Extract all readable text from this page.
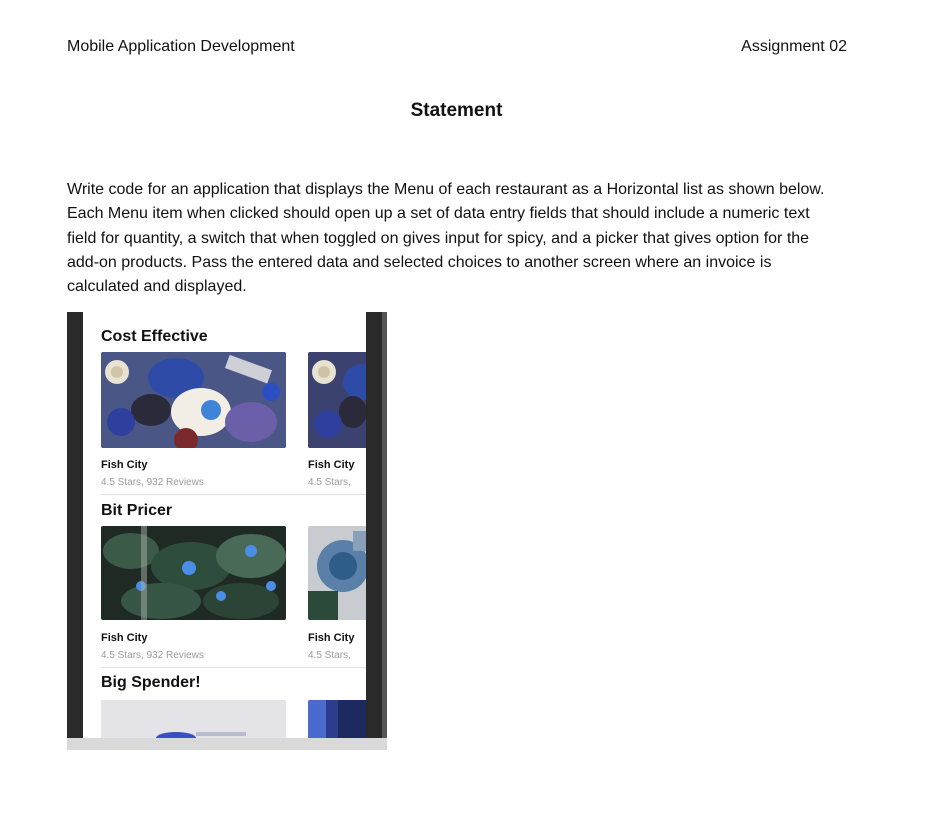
Mobile Application Development	Assignment 02
Statement
Write code for an application that displays the Menu of each restaurant as a Horizontal list as shown below. Each Menu item when clicked should open up a set of data entry fields that should include a numeric text field for quantity, a switch that when toggled on gives input for spicy, and a picker that gives option for the add-on products. Pass the entered data and selected choices to another screen where an invoice is calculated and displayed.
Cost Effective
Fish City
4.5 Stars, 932 Reviews
Fish City
4.5 Stars,
Bit Pricer
Fish City
4.5 Stars, 932 Reviews
Fish City
4.5 Stars,
Big Spender!
